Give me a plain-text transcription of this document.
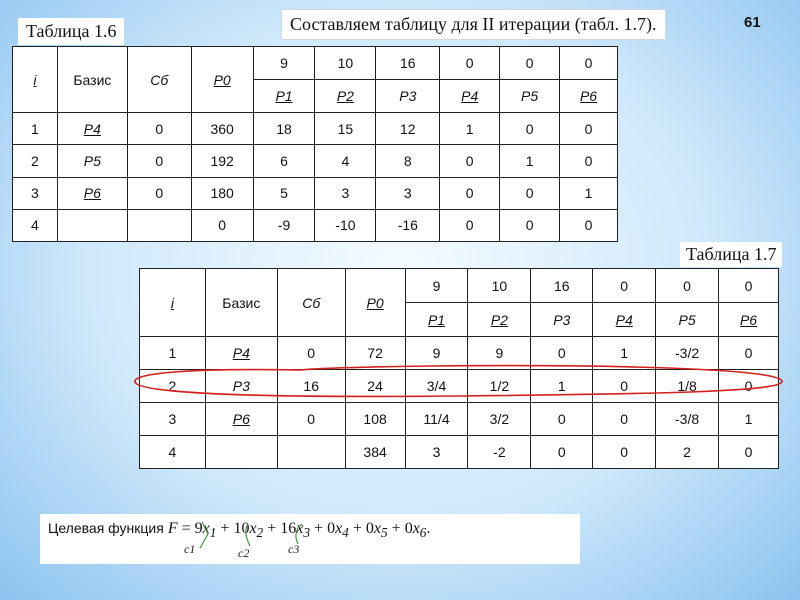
Таблица 1.6	Составляем таблицу для II итерации (табл. 1.7).	61
i	Базис	Cб	P0	9	10	16	0	0	0
				P1	P2	P3	P4	P5	P6
1	P4	0	360	18	15	12	1	0	0
2	P5	0	192	6	4	8	0	1	0
3	P6	0	180	5	3	3	0	0	1
4			0	-9	-10	-16	0	0	0
Таблица 1.7
i	Базис	Cб	P0	9	10	16	0	0	0
				P1	P2	P3	P4	P5	P6
1	P4	0	72	9	9	0	1	-3/2	0
2	P3	16	24	3/4	1/2	1	0	1/8	0
3	P6	0	108	11/4	3/2	0	0	-3/8	1
4			384	3	-2	0	0	2	0
Целевая функция $F = 9x_1 + 10x_2 + 16x_3 + 0x_4 + 0x_5 + 0x_6$.
c1	c2	c3
